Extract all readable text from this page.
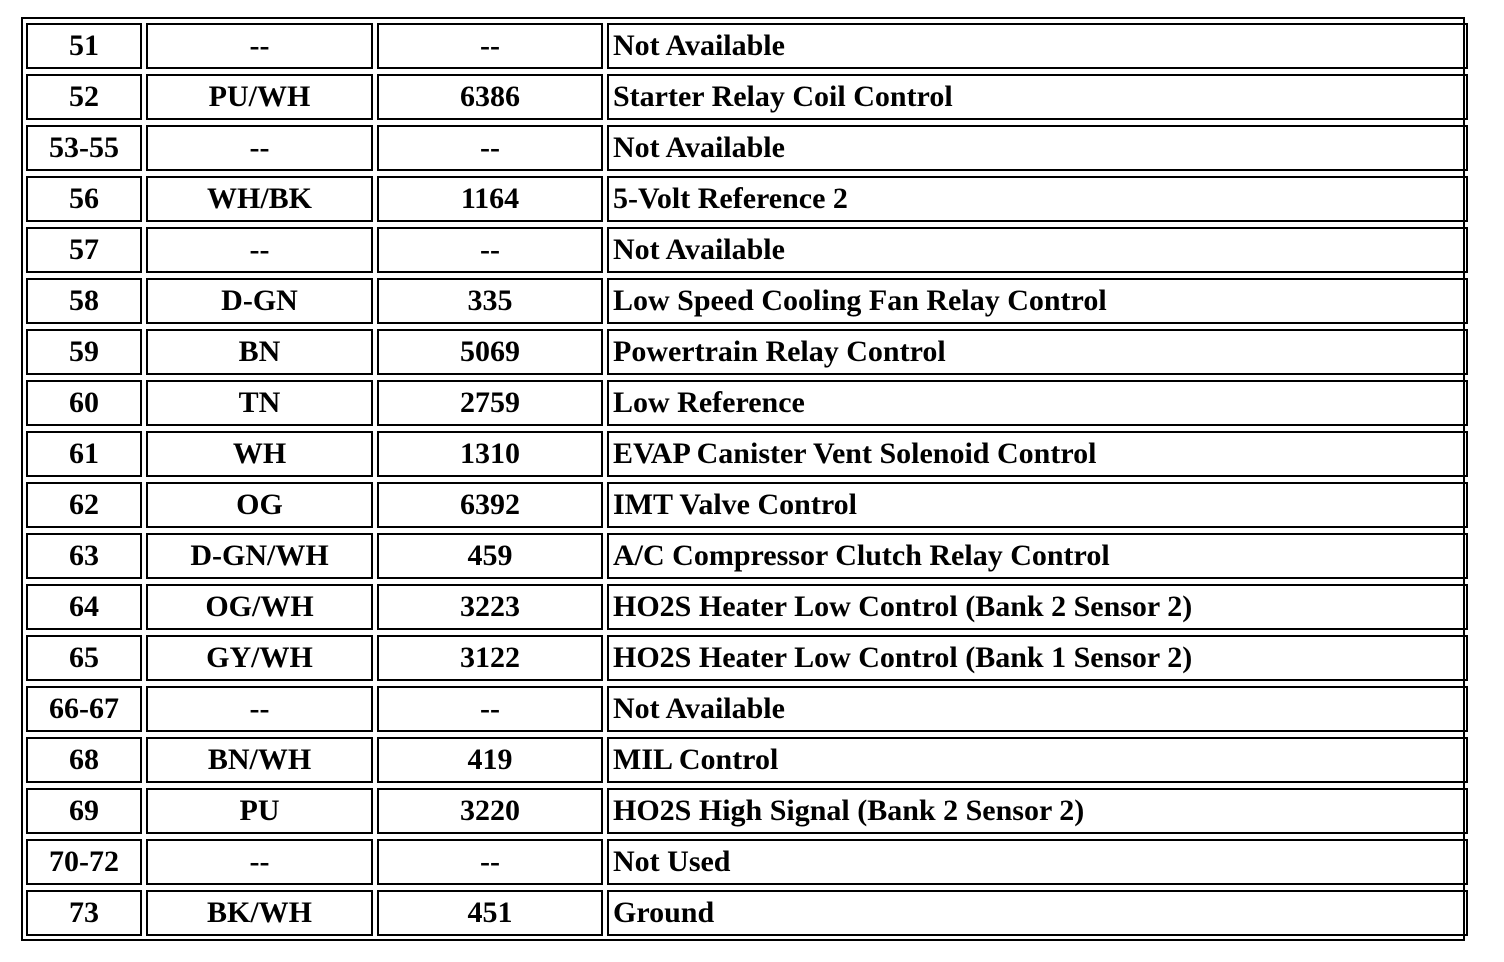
51	--	--	Not Available
52	PU/WH	6386	Starter Relay Coil Control
53-55	--	--	Not Available
56	WH/BK	1164	5-Volt Reference 2
57	--	--	Not Available
58	D-GN	335	Low Speed Cooling Fan Relay Control
59	BN	5069	Powertrain Relay Control
60	TN	2759	Low Reference
61	WH	1310	EVAP Canister Vent Solenoid Control
62	OG	6392	IMT Valve Control
63	D-GN/WH	459	A/C Compressor Clutch Relay Control
64	OG/WH	3223	HO2S Heater Low Control (Bank 2 Sensor 2)
65	GY/WH	3122	HO2S Heater Low Control (Bank 1 Sensor 2)
66-67	--	--	Not Available
68	BN/WH	419	MIL Control
69	PU	3220	HO2S High Signal (Bank 2 Sensor 2)
70-72	--	--	Not Used
73	BK/WH	451	Ground
